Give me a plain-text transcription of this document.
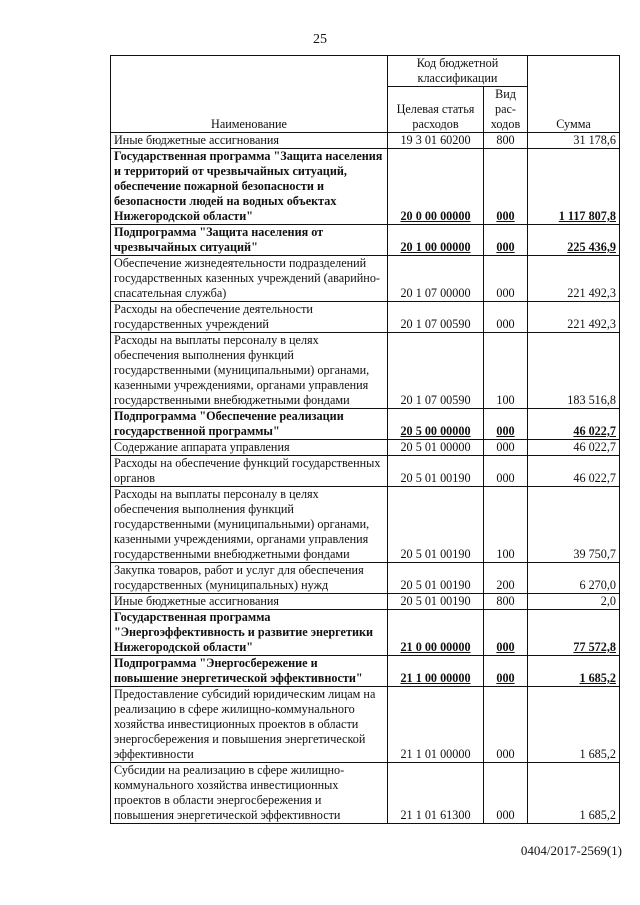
25
Наименование	Код бюджетной классификации		Сумма
	Целевая статья расходов	Вид рас-ходов	
Иные бюджетные ассигнования	19 3 01 60200	800	31 178,6
Государственная программа "Защита населения и территорий от чрезвычайных ситуаций, обеспечение пожарной безопасности и безопасности людей на водных объектах Нижегородской области"	20 0 00 00000	000	1 117 807,8
Подпрограмма "Защита населения от чрезвычайных ситуаций"	20 1 00 00000	000	225 436,9
Обеспечение жизнедеятельности подразделений государственных казенных учреждений (аварийно-спасательная служба)	20 1 07 00000	000	221 492,3
Расходы на обеспечение деятельности государственных учреждений	20 1 07 00590	000	221 492,3
Расходы на выплаты персоналу в целях обеспечения выполнения функций государственными (муниципальными) органами, казенными учреждениями, органами управления государственными внебюджетными фондами	20 1 07 00590	100	183 516,8
Подпрограмма "Обеспечение реализации государственной программы"	20 5 00 00000	000	46 022,7
Содержание аппарата управления	20 5 01 00000	000	46 022,7
Расходы на обеспечение функций государственных органов	20 5 01 00190	000	46 022,7
Расходы на выплаты персоналу в целях обеспечения выполнения функций государственными (муниципальными) органами, казенными учреждениями, органами управления государственными внебюджетными фондами	20 5 01 00190	100	39 750,7
Закупка товаров, работ и услуг для обеспечения государственных (муниципальных) нужд	20 5 01 00190	200	6 270,0
Иные бюджетные ассигнования	20 5 01 00190	800	2,0
Государственная программа "Энергоэффективность и развитие энергетики Нижегородской области"	21 0 00 00000	000	77 572,8
Подпрограмма "Энергосбережение и повышение энергетической эффективности"	21 1 00 00000	000	1 685,2
Предоставление субсидий юридическим лицам на реализацию в сфере жилищно-коммунального хозяйства инвестиционных проектов в области энергосбережения и повышения энергетической эффективности	21 1 01 00000	000	1 685,2
Субсидии на реализацию в сфере жилищно-коммунального хозяйства инвестиционных проектов в области энергосбережения и повышения энергетической эффективности	21 1 01 61300	000	1 685,2
0404/2017-2569(1)
